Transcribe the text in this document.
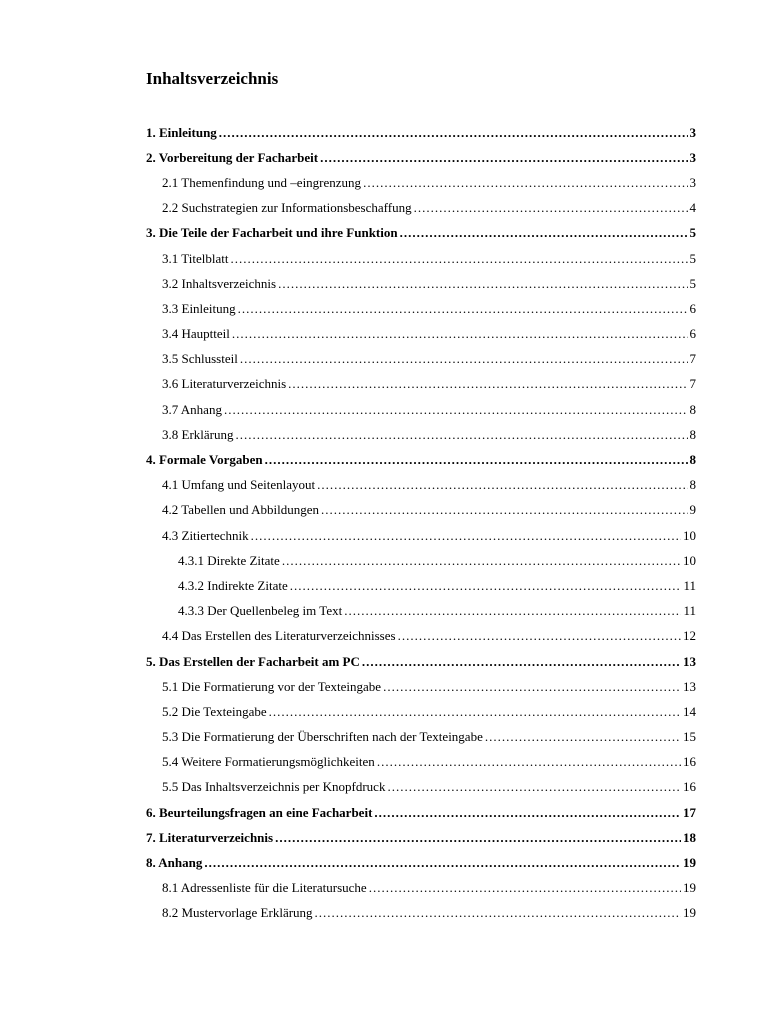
Inhaltsverzeichnis
1. Einleitung .....	3
2. Vorbereitung der Facharbeit .....	3
2.1 Themenfindung und –eingrenzung .....	3
2.2 Suchstrategien zur Informationsbeschaffung .....	4
3. Die Teile der Facharbeit und ihre Funktion .....	5
3.1 Titelblatt .....	5
3.2 Inhaltsverzeichnis .....	5
3.3 Einleitung .....	6
3.4 Hauptteil .....	6
3.5 Schlussteil .....	7
3.6 Literaturverzeichnis .....	7
3.7 Anhang .....	8
3.8 Erklärung .....	8
4. Formale Vorgaben .....	8
4.1 Umfang und Seitenlayout .....	8
4.2 Tabellen und Abbildungen .....	9
4.3 Zitiertechnik .....	10
4.3.1 Direkte Zitate .....	10
4.3.2 Indirekte Zitate .....	11
4.3.3 Der Quellenbeleg im Text .....	11
4.4 Das Erstellen des Literaturverzeichnisses .....	12
5. Das Erstellen der Facharbeit am PC .....	13
5.1 Die Formatierung vor der Texteingabe .....	13
5.2 Die Texteingabe .....	14
5.3 Die Formatierung der Überschriften nach der Texteingabe .....	15
5.4 Weitere Formatierungsmöglichkeiten .....	16
5.5 Das Inhaltsverzeichnis per Knopfdruck .....	16
6. Beurteilungsfragen an eine Facharbeit .....	17
7. Literaturverzeichnis .....	18
8. Anhang .....	19
8.1 Adressenliste für die Literatursuche .....	19
8.2 Mustervorlage Erklärung .....	19
